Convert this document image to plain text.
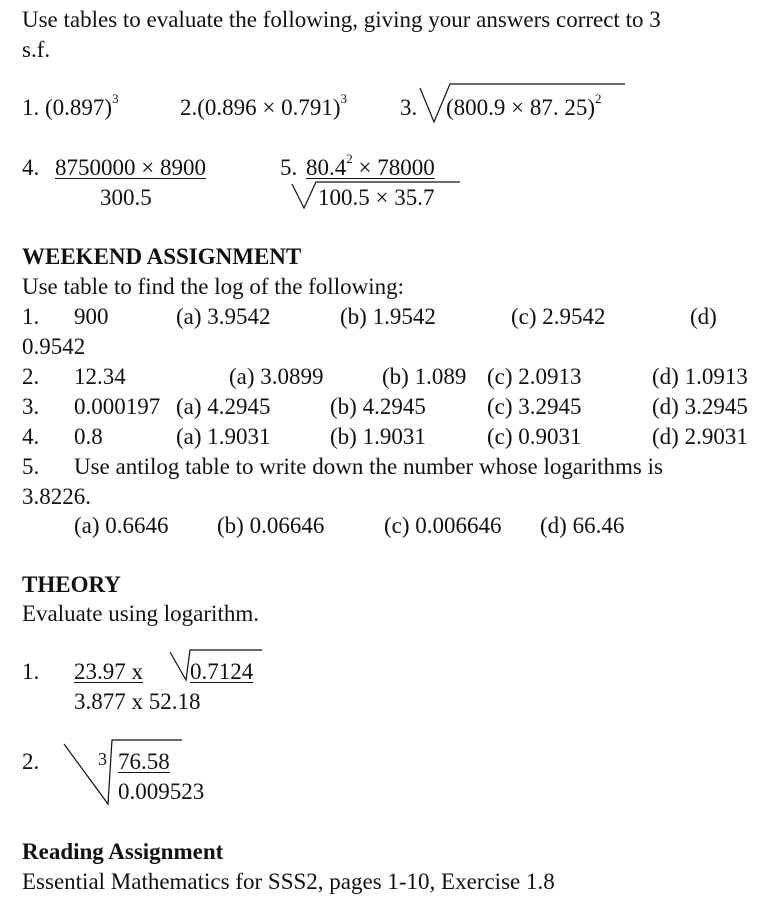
Use tables to evaluate the following, giving your answers correct to 3
s.f.
1. $(0.897)^3$	$2.(0.896 \times 0.791)^3$ 3. (800.9 × 87. 25)$^2$
4. 8750000 × 8900
300.5
5. $80.4^2 \times 78000$
100.5 × 35.7
WEEKEND ASSIGNMENT
Use table to find the log of the following:
1. 900	(a) 3.9542	(b) 1.9542	(c) 2.9542	(d)
0.9542
2. 12.34	(a) 3.0899	(b) 1.089 (c) 2.0913	(d) 1.0913
3. 0.000197 (a) 4.2945	(b) 4.2945	(c) 3.2945	(d) 3.2945
4. 0.8	(a) 1.9031	(b) 1.9031	(c) 0.9031	(d) 2.9031
5. Use antilog table to write down the number whose logarithms is
3.8226.
(a) 0.6646 (b) 0.06646	(c) 0.006646 (d) 66.46
THEORY
Evaluate using logarithm.
1. 23.97 x 0.7124
3.877 x 52.18
2.	3 76.58
0.009523
Reading Assignment
Essential Mathematics for SSS2, pages 1-10, Exercise 1.8
